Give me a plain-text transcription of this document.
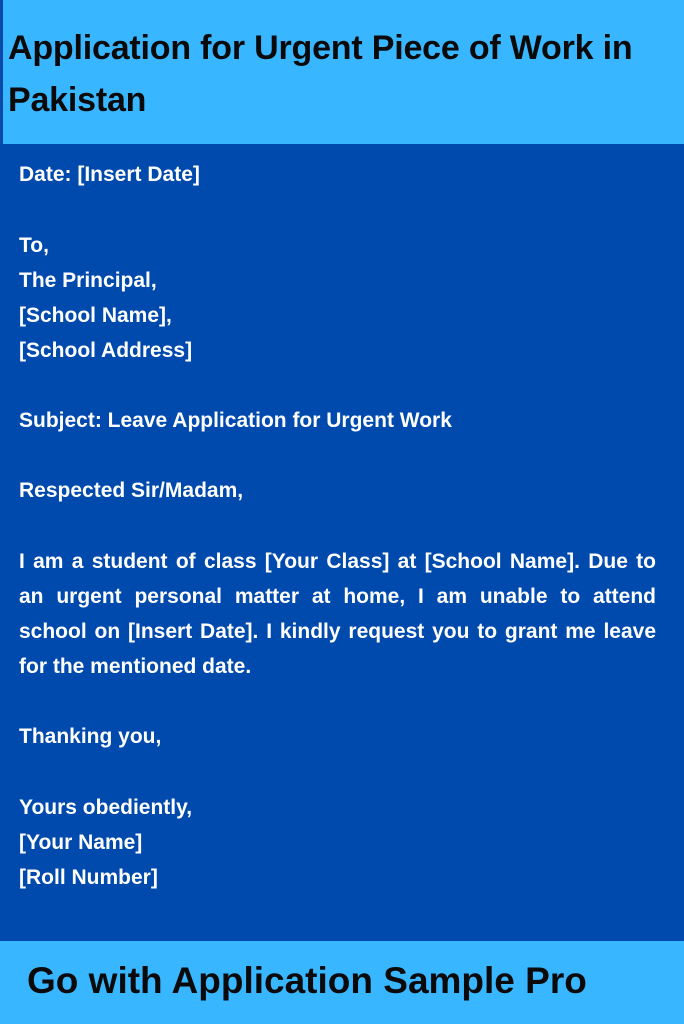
Application for Urgent Piece of Work in Pakistan
Date: [Insert Date]
To,
The Principal,
[School Name],
[School Address]
Subject: Leave Application for Urgent Work
Respected Sir/Madam,
I am a student of class [Your Class] at [School Name]. Due to an urgent personal matter at home, I am unable to attend school on [Insert Date]. I kindly request you to grant me leave for the mentioned date.
Thanking you,
Yours obediently,
[Your Name]
[Roll Number]
Go with Application Sample Pro
